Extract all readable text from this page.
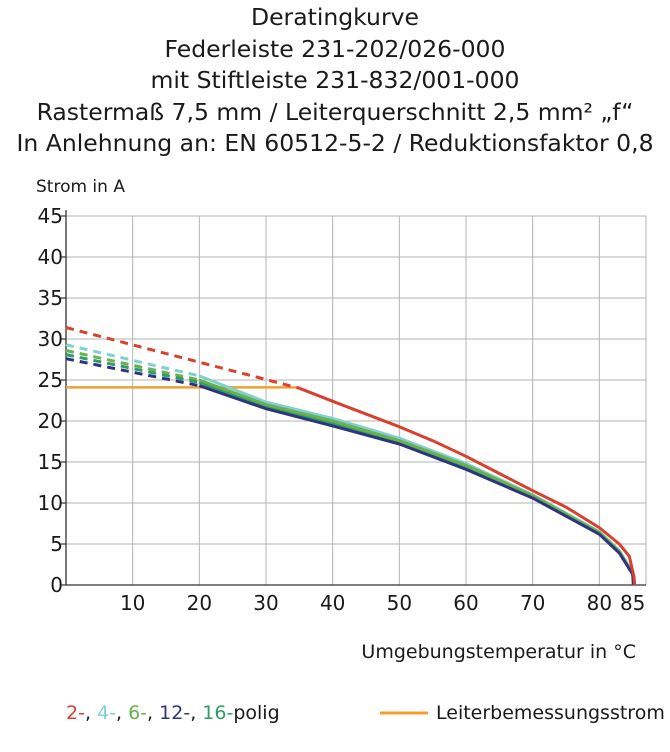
Deratingkurve
Federleiste 231-202/026-000
mit Stiftleiste 231-832/001-000
Rastermaß 7,5 mm / Leiterquerschnitt 2,5 mm² „f“
In Anlehnung an: EN 60512-5-2 / Reduktionsfaktor 0,8
0
5
10
15
20
25
30
35
40
45
10 20 30 40 50 60 70 80 85
Strom in A
Umgebungstemperatur in °C
2-, 4-, 6-, 12-, 16-polig	Leiterbemessungsstrom
